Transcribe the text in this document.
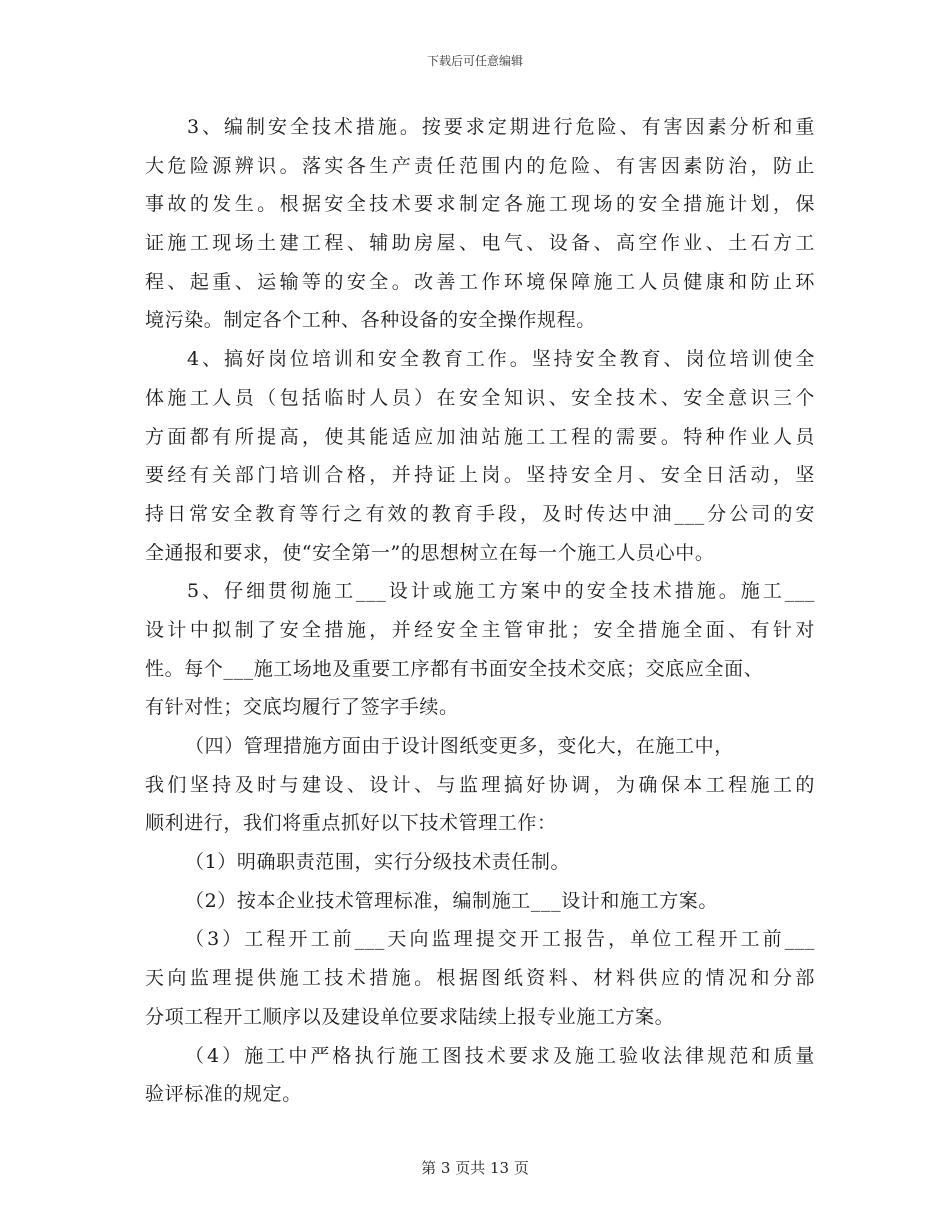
下载后可任意编辑
3、编制安全技术措施。按要求定期进行危险、有害因素分析和重
大危险源辨识。落实各生产责任范围内的危险、有害因素防治，防止
事故的发生。根据安全技术要求制定各施工现场的安全措施计划，保
证施工现场土建工程、辅助房屋、电气、设备、高空作业、土石方工
程、起重、运输等的安全。改善工作环境保障施工人员健康和防止环
境污染。制定各个工种、各种设备的安全操作规程。
4、搞好岗位培训和安全教育工作。坚持安全教育、岗位培训使全
体施工人员（包括临时人员）在安全知识、安全技术、安全意识三个
方面都有所提高，使其能适应加油站施工工程的需要。特种作业人员
要经有关部门培训合格，并持证上岗。坚持安全月、安全日活动，坚
持日常安全教育等行之有效的教育手段，及时传达中油___分公司的安
全通报和要求，使“安全第一”的思想树立在每一个施工人员心中。
5、仔细贯彻施工___设计或施工方案中的安全技术措施。施工___
设计中拟制了安全措施，并经安全主管审批；安全措施全面、有针对
性。每个___施工场地及重要工序都有书面安全技术交底；交底应全面、
有针对性；交底均履行了签字手续。
（四）管理措施方面由于设计图纸变更多，变化大，在施工中，
我们坚持及时与建设、设计、与监理搞好协调，为确保本工程施工的
顺利进行，我们将重点抓好以下技术管理工作：
（1）明确职责范围，实行分级技术责任制。
（2）按本企业技术管理标准，编制施工___设计和施工方案。
（3）工程开工前___天向监理提交开工报告，单位工程开工前___
天向监理提供施工技术措施。根据图纸资料、材料供应的情况和分部
分项工程开工顺序以及建设单位要求陆续上报专业施工方案。
（4）施工中严格执行施工图技术要求及施工验收法律规范和质量
验评标准的规定。
第 3 页共 13 页
